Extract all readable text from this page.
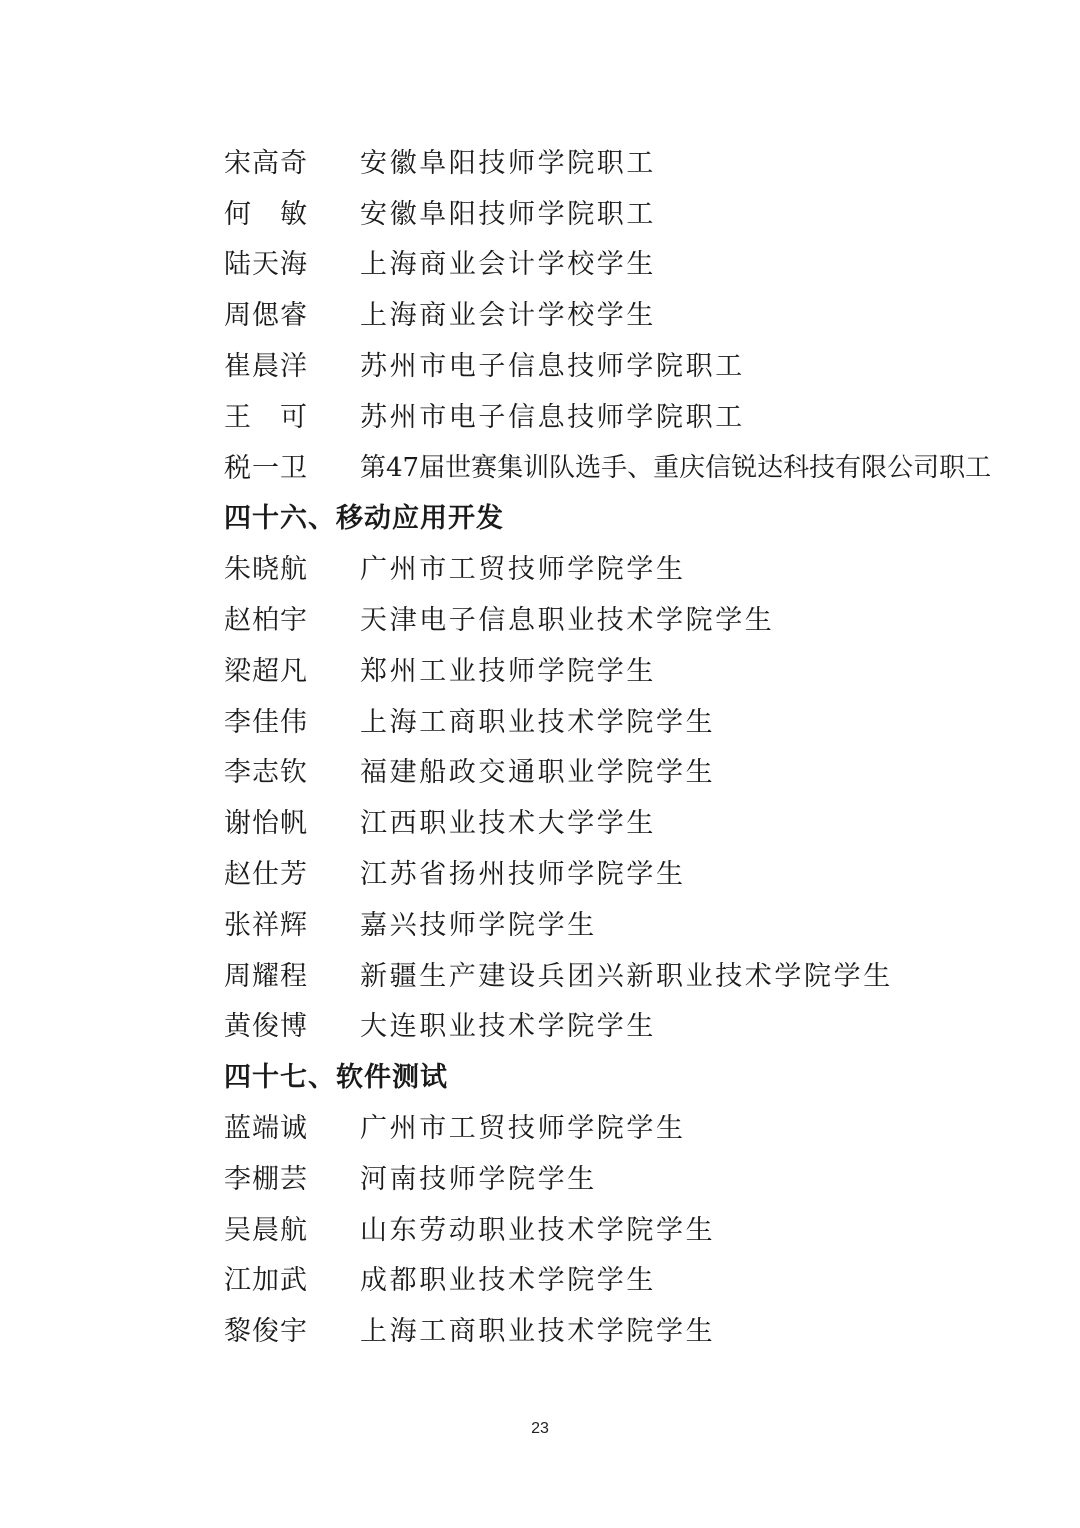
宋高奇	安徽阜阳技师学院职工
何　敏	安徽阜阳技师学院职工
陆天海	上海商业会计学校学生
周偲睿	上海商业会计学校学生
崔晨洋	苏州市电子信息技师学院职工
王　可	苏州市电子信息技师学院职工
税一卫	第47届世赛集训队选手、重庆信锐达科技有限公司职工
四十六、移动应用开发
朱晓航	广州市工贸技师学院学生
赵柏宇	天津电子信息职业技术学院学生
梁超凡	郑州工业技师学院学生
李佳伟	上海工商职业技术学院学生
李志钦	福建船政交通职业学院学生
谢怡帆	江西职业技术大学学生
赵仕芳	江苏省扬州技师学院学生
张祥辉	嘉兴技师学院学生
周耀程	新疆生产建设兵团兴新职业技术学院学生
黄俊博	大连职业技术学院学生
四十七、软件测试
蓝端诚	广州市工贸技师学院学生
李棚芸	河南技师学院学生
吴晨航	山东劳动职业技术学院学生
江加武	成都职业技术学院学生
黎俊宇	上海工商职业技术学院学生
23
